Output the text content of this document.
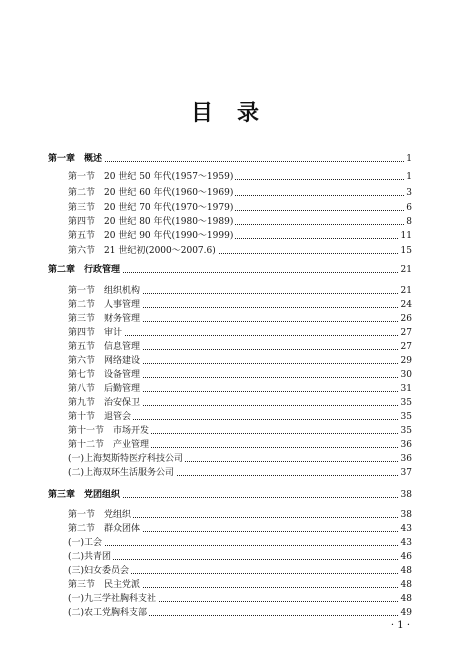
目 录
第一章  概述	1
第一节  20 世纪 50 年代(1957～1959)	1
第二节  20 世纪 60 年代(1960～1969)	3
第三节  20 世纪 70 年代(1970～1979)	6
第四节  20 世纪 80 年代(1980～1989)	8
第五节  20 世纪 90 年代(1990～1999)	11
第六节  21 世纪初(2000～2007.6)	15
第二章  行政管理	21
第一节  组织机构	21
第二节  人事管理	24
第三节  财务管理	26
第四节  审计	27
第五节  信息管理	27
第六节  网络建设	29
第七节  设备管理	30
第八节  后勤管理	31
第九节  治安保卫	35
第十节  退管会	35
第十一节  市场开发	35
第十二节  产业管理	36
(一)上海契斯特医疗科技公司	36
(二)上海双环生活服务公司	37
第三章  党团组织	38
第一节  党组织	38
第二节  群众团体	43
(一)工会	43
(二)共青团	46
(三)妇女委员会	48
第三节  民主党派	48
(一)九三学社胸科支社	48
(二)农工党胸科支部	49
· 1 ·
